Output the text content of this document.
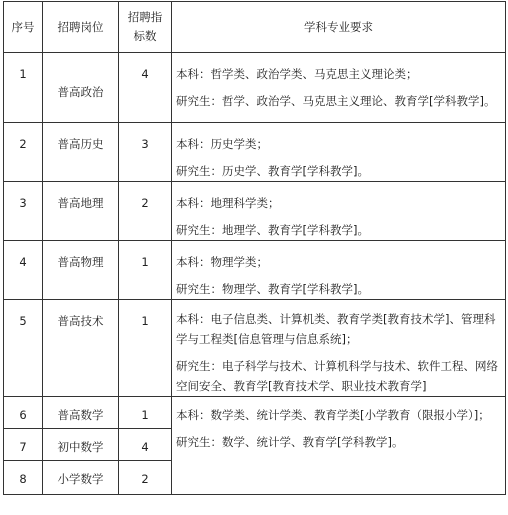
序号	招聘岗位	招聘指标数	学科专业要求
1	普高政治	4	本科：哲学类、政治学类、马克思主义理论类；

研究生：哲学、政治学、马克思主义理论、教育学[学科教学]。

2	普高历史	3	本科：历史学类；

研究生：历史学、教育学[学科教学]。

3	普高地理	2	本科：地理科学类；

研究生：地理学、教育学[学科教学]。

4	普高物理	1	本科：物理学类；

研究生：物理学、教育学[学科教学]。

5	普高技术	1	本科：电子信息类、计算机类、教育学类[教育技术学]、管理科学与工程类[信息管理与信息系统]；

研究生：电子科学与技术、计算机科学与技术、软件工程、网络空间安全、教育学[教育技术学、职业技术教育学]

6	普高数学	1	本科：数学类、统计学类、教育学类[小学教育（限报小学）]；

研究生：数学、统计学、教育学[学科教学]。

7	初中数学	4	
8	小学数学	2	
